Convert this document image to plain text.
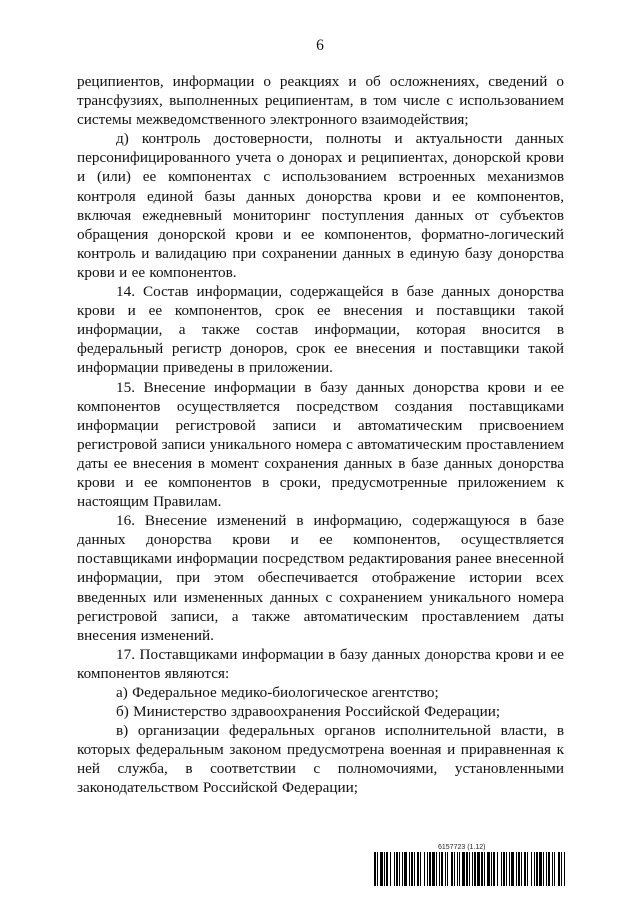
6

реципиентов, информации о реакциях и об осложнениях, сведений о трансфузиях, выполненных реципиентам, в том числе с использованием системы межведомственного электронного взаимодействия;

д) контроль достоверности, полноты и актуальности данных персонифицированного учета о донорах и реципиентах, донорской крови и (или) ее компонентах с использованием встроенных механизмов контроля единой базы данных донорства крови и ее компонентов, включая ежедневный мониторинг поступления данных от субъектов обращения донорской крови и ее компонентов, форматно-логический контроль и валидацию при сохранении данных в единую базу донорства крови и ее компонентов.

14. Состав информации, содержащейся в базе данных донорства крови и ее компонентов, срок ее внесения и поставщики такой информации, а также состав информации, которая вносится в федеральный регистр доноров, срок ее внесения и поставщики такой информации приведены в приложении.

15. Внесение информации в базу данных донорства крови и ее компонентов осуществляется посредством создания поставщиками информации регистровой записи и автоматическим присвоением регистровой записи уникального номера с автоматическим проставлением даты ее внесения в момент сохранения данных в базе данных донорства крови и ее компонентов в сроки, предусмотренные приложением к настоящим Правилам.

16. Внесение изменений в информацию, содержащуюся в базе данных донорства крови и ее компонентов, осуществляется поставщиками информации посредством редактирования ранее внесенной информации, при этом обеспечивается отображение истории всех введенных или измененных данных с сохранением уникального номера регистровой записи, а также автоматическим проставлением даты внесения изменений.

17. Поставщиками информации в базу данных донорства крови и ее компонентов являются:

а) Федеральное медико-биологическое агентство;

б) Министерство здравоохранения Российской Федерации;

в) организации федеральных органов исполнительной власти, в которых федеральным законом предусмотрена военная и приравненная к ней служба, в соответствии с полномочиями, установленными законодательством Российской Федерации;

6157723 (1.12)
